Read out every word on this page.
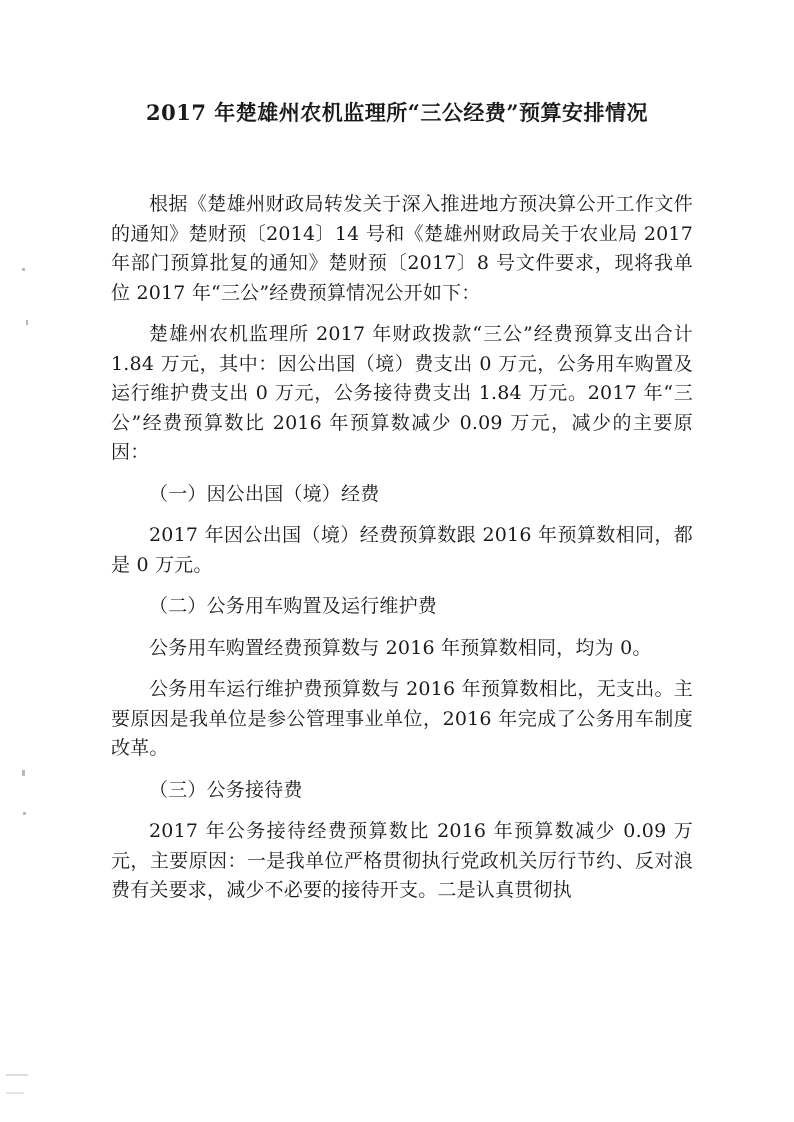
2017 年楚雄州农机监理所“三公经费”预算安排情况

根据《楚雄州财政局转发关于深入推进地方预决算公开工作文件的通知》楚财预〔2014〕14 号和《楚雄州财政局关于农业局 2017 年部门预算批复的通知》楚财预〔2017〕8 号文件要求，现将我单位 2017 年“三公”经费预算情况公开如下：

楚雄州农机监理所 2017 年财政拨款“三公”经费预算支出合计 1.84 万元，其中：因公出国（境）费支出 0 万元，公务用车购置及运行维护费支出 0 万元，公务接待费支出 1.84 万元。2017 年“三公”经费预算数比 2016 年预算数减少 0.09 万元，减少的主要原因：

（一）因公出国（境）经费

2017 年因公出国（境）经费预算数跟 2016 年预算数相同，都是 0 万元。

（二）公务用车购置及运行维护费

公务用车购置经费预算数与 2016 年预算数相同，均为 0。

公务用车运行维护费预算数与 2016 年预算数相比，无支出。主要原因是我单位是参公管理事业单位，2016 年完成了公务用车制度改革。

（三）公务接待费

2017 年公务接待经费预算数比 2016 年预算数减少 0.09 万元，主要原因：一是我单位严格贯彻执行党政机关厉行节约、反对浪费有关要求，减少不必要的接待开支。二是认真贯彻执
